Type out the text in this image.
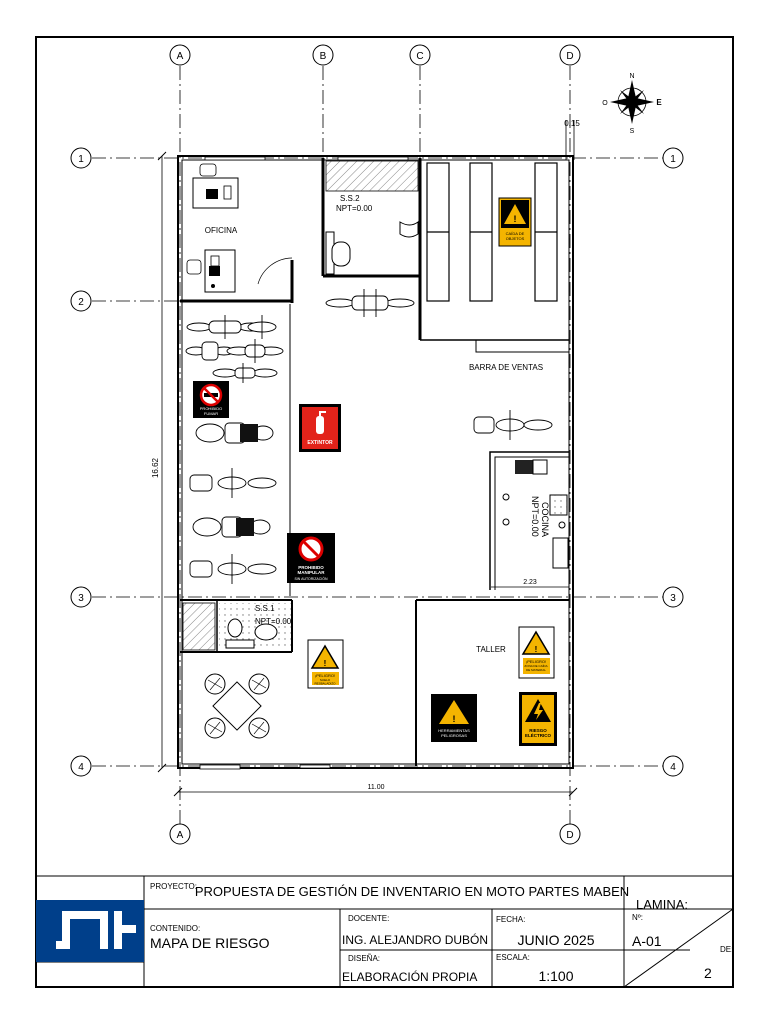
A	B	C	D
A	D
1
2
3
4
1
3
4
N
S
E
O
0.15
OFICINA
S.S.2
NPT=0.00
COCINA
NPT=0.00
2.23
BARRA DE VENTAS
S.S.1
NPT=0.00
TALLER
!
CAÍDA DE
OBJETOS
PROHIBIDO
FUMAR
EXTINTOR
PROHIBIDO
MANIPULAR
SIN AUTORIZACIÓN
!
¡PELIGRO!
SUELO
RESBALADIZO
!
¡PELIGRO!
ZONA DE CAÍDA
DE MATERIAL
!
HERRAMIENTAS
PELIGROSAS
RIESGO
ELÉCTRICO
11.00
16.62
PROYECTO:
PROPUESTA DE GESTIÓN DE INVENTARIO EN MOTO PARTES MABEN
LAMINA:
CONTENIDO:
MAPA DE RIESGO
DOCENTE:
ING. ALEJANDRO DUBÓN
FECHA:
JUNIO 2025
Nº:
A-01
DE:
DISEÑA:
ELABORACIÓN PROPIA
ESCALA:
1:100	2
